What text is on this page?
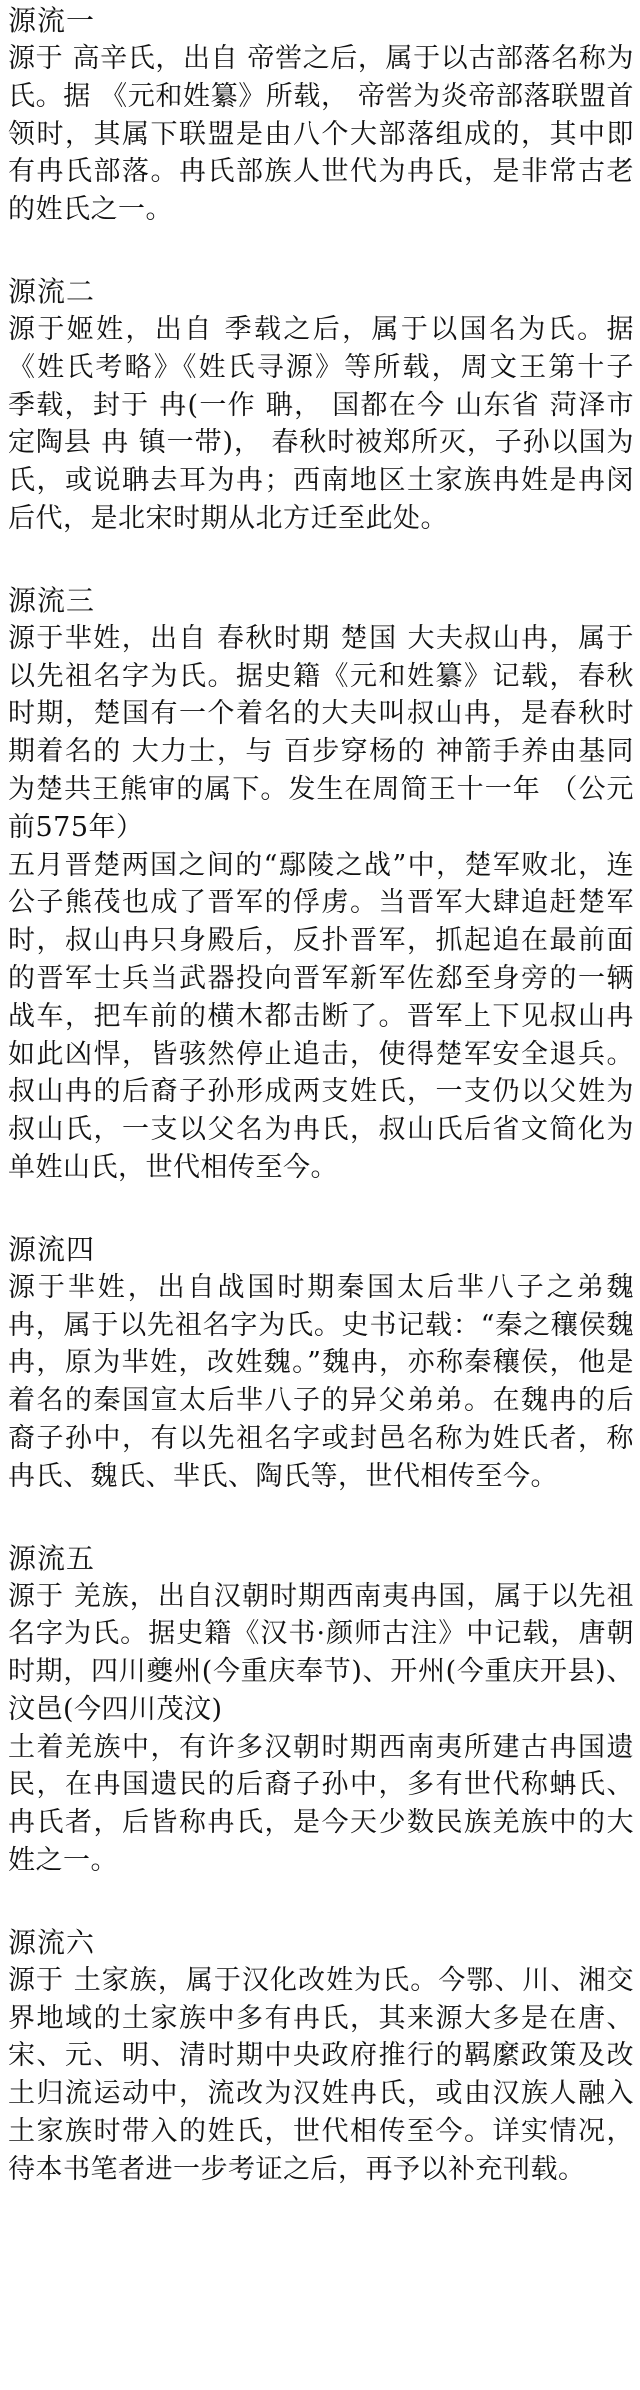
源流一

源于 高辛氏，出自 帝喾之后，属于以古部落名称为氏。据 《元和姓纂》所载， 帝喾为炎帝部落联盟首领时，其属下联盟是由八个大部落组成的，其中即有冉氏部落。冉氏部族人世代为冉氏，是非常古老的姓氏之一。

源流二

源于姬姓，出自 季载之后，属于以国名为氏。据《姓氏考略》《姓氏寻源》等所载，周文王第十子 季载，封于 冉(一作 聃， 国都在今 山东省 菏泽市 定陶县 冉 镇一带)， 春秋时被郑所灭，子孙以国为氏，或说聃去耳为冉；西南地区土家族冉姓是冉闵后代，是北宋时期从北方迁至此处。

源流三

源于芈姓，出自 春秋时期 楚国 大夫叔山冉，属于以先祖名字为氏。据史籍《元和姓纂》记载，春秋时期，楚国有一个着名的大夫叫叔山冉，是春秋时期着名的 大力士，与 百步穿杨的 神箭手养由基同为楚共王熊审的属下。发生在周简王十一年 （公元前575年）

五月晋楚两国之间的“鄢陵之战”中，楚军败北，连公子熊茷也成了晋军的俘虏。当晋军大肆追赶楚军时，叔山冉只身殿后，反扑晋军，抓起追在最前面的晋军士兵当武器投向晋军新军佐郄至身旁的一辆战车，把车前的横木都击断了。晋军上下见叔山冉如此凶悍，皆骇然停止追击，使得楚军安全退兵。叔山冉的后裔子孙形成两支姓氏，一支仍以父姓为叔山氏，一支以父名为冉氏，叔山氏后省文简化为单姓山氏，世代相传至今。

源流四

源于芈姓，出自战国时期秦国太后芈八子之弟魏冉，属于以先祖名字为氏。史书记载：“秦之穰侯魏冉，原为芈姓，改姓魏。”魏冉，亦称秦穰侯，他是着名的秦国宣太后芈八子的异父弟弟。在魏冉的后裔子孙中，有以先祖名字或封邑名称为姓氏者，称冉氏、魏氏、芈氏、陶氏等，世代相传至今。

源流五

源于 羌族，出自汉朝时期西南夷冉国，属于以先祖名字为氏。据史籍《汉书·颜师古注》中记载，唐朝时期，四川夔州(今重庆奉节)、开州(今重庆开县)、汶邑(今四川茂汶)

土着羌族中，有许多汉朝时期西南夷所建古冉国遗民，在冉国遗民的后裔子孙中，多有世代称蚺氏、冉氏者，后皆称冉氏，是今天少数民族羌族中的大姓之一。

源流六

源于 土家族，属于汉化改姓为氏。今鄂、川、湘交界地域的土家族中多有冉氏，其来源大多是在唐、宋、元、明、清时期中央政府推行的羁縻政策及改土归流运动中，流改为汉姓冉氏，或由汉族人融入土家族时带入的姓氏，世代相传至今。详实情况，待本书笔者进一步考证之后，再予以补充刊载。
